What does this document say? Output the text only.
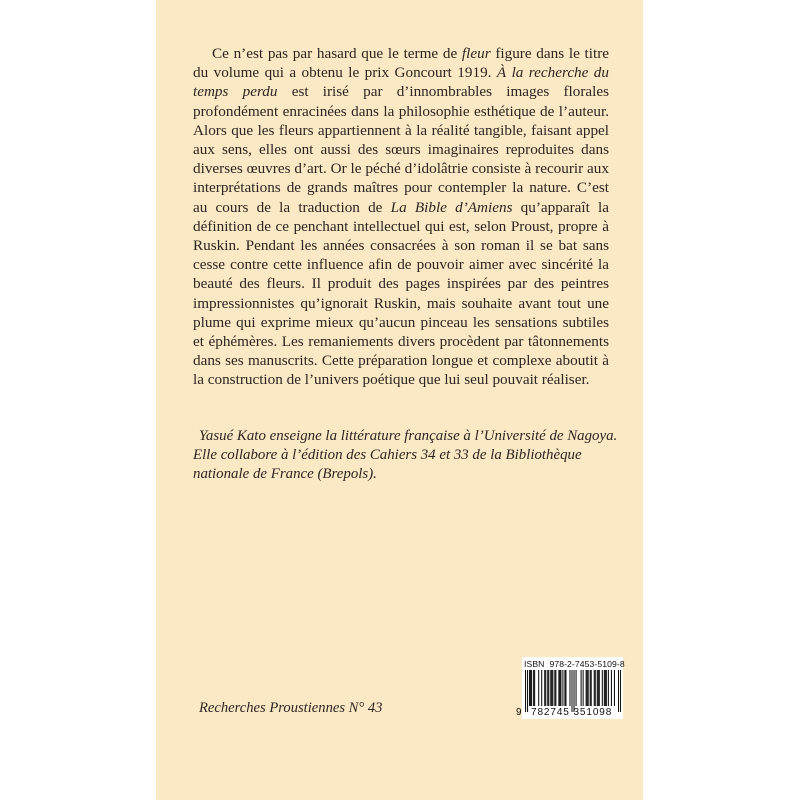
Ce n’est pas par hasard que le terme de fleur figure dans le titre du volume qui a obtenu le prix Goncourt 1919. À la recherche du temps perdu est irisé par d’innombrables images florales profondément enracinées dans la philosophie esthétique de l’auteur. Alors que les fleurs appartiennent à la réalité tangible, faisant appel aux sens, elles ont aussi des sœurs imaginaires reproduites dans diverses œuvres d’art. Or le péché d’idolâtrie consiste à recourir aux interprétations de grands maîtres pour contempler la nature. C’est au cours de la traduction de La Bible d’Amiens qu’apparaît la définition de ce penchant intellectuel qui est, selon Proust, propre à Ruskin. Pendant les années consacrées à son roman il se bat sans cesse contre cette influence afin de pouvoir aimer avec sincérité la beauté des fleurs. Il produit des pages inspirées par des peintres impressionnistes qu’ignorait Ruskin, mais souhaite avant tout une plume qui exprime mieux qu’aucun pinceau les sensations subtiles et éphémères. Les remaniements divers procèdent par tâtonnements dans ses manuscrits. Cette préparation longue et complexe aboutit à la construction de l’univers poétique que lui seul pouvait réaliser.

Yasué Kato enseigne la littérature française à l’Université de Nagoya. Elle collabore à l’édition des Cahiers 34 et 33 de la Bibliothèque nationale de France (Brepols).

Recherches Proustiennes N° 43
ISBN 978-2-7453-5109-8
9 782745 351098
